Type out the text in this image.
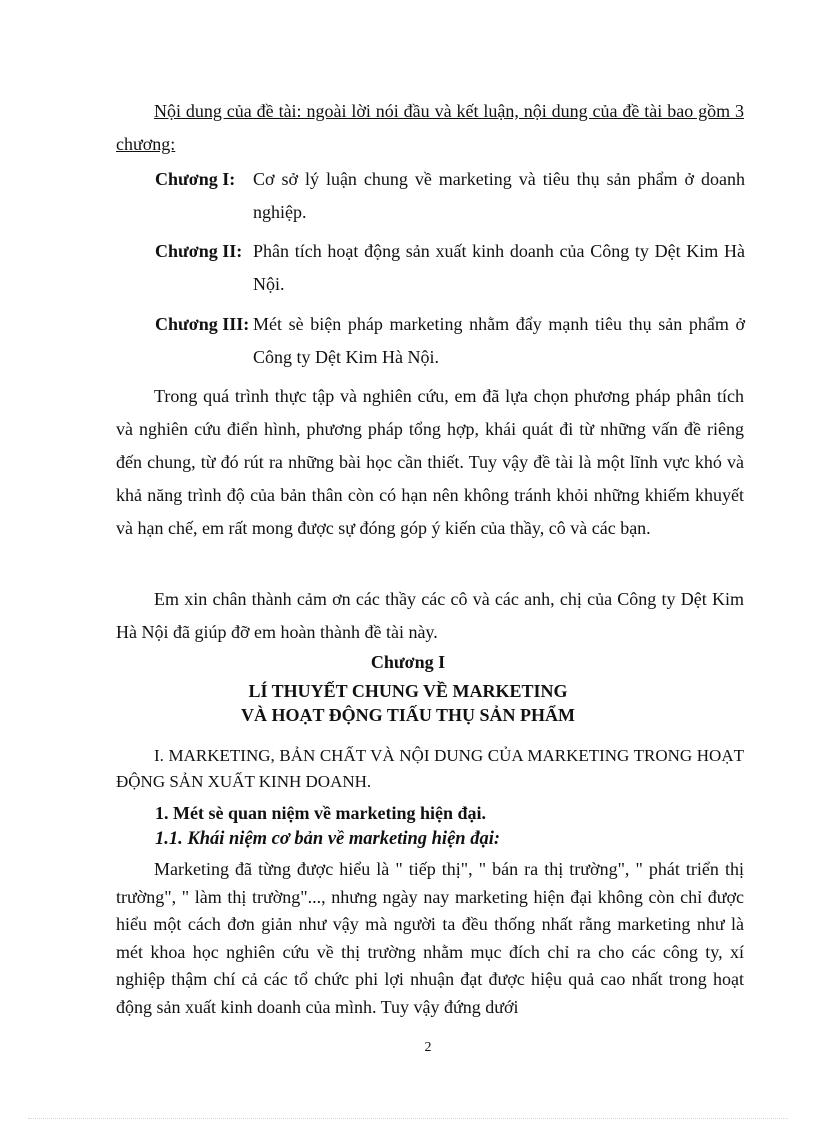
Nội dung của đề tài: ngoài lời nói đầu và kết luận, nội dung của đề tài bao gồm 3 chương:
Chương I: Cơ sở lý luận chung về marketing và tiêu thụ sản phẩm ở doanh nghiệp.
Chương II: Phân tích hoạt động sản xuất kinh doanh của Công ty Dệt Kim Hà Nội.
Chương III: Mét sè biện pháp marketing nhằm đẩy mạnh tiêu thụ sản phẩm ở Công ty Dệt Kim Hà Nội.
Trong quá trình thực tập và nghiên cứu, em đã lựa chọn phương pháp phân tích và nghiên cứu điển hình, phương pháp tổng hợp, khái quát đi từ những vấn đề riêng đến chung, từ đó rút ra những bài học cần thiết. Tuy vậy đề tài là một lĩnh vực khó và khả năng trình độ của bản thân còn có hạn nên không tránh khỏi những khiếm khuyết và hạn chế, em rất mong được sự đóng góp ý kiến của thầy, cô và các bạn.
Em xin chân thành cảm ơn các thầy các cô và các anh, chị của Công ty Dệt Kim Hà Nội đã giúp đỡ em hoàn thành đề tài này.
Chương I
LÍ THUYẾT CHUNG VỀ MARKETING
VÀ HOẠT ĐỘNG TIẤU THỤ SẢN PHẨM
I. MARKETING, BẢN CHẤT VÀ NỘI DUNG CỦA MARKETING TRONG HOẠT ĐỘNG SẢN XUẤT KINH DOANH.
1. Mét sè quan niệm về marketing hiện đại.
1.1. Khái niệm cơ bản về marketing hiện đại:
Marketing đã từng được hiểu là " tiếp thị", " bán ra thị trường", " phát triển thị trường", " làm thị trường"..., nhưng ngày nay marketing hiện đại không còn chỉ được hiểu một cách đơn giản như vậy mà người ta đều thống nhất rằng marketing như là mét khoa học nghiên cứu về thị trường nhằm mục đích chỉ ra cho các công ty, xí nghiệp thậm chí cả các tổ chức phi lợi nhuận đạt được hiệu quả cao nhất trong hoạt động sản xuất kinh doanh của mình. Tuy vậy đứng dưới
2
